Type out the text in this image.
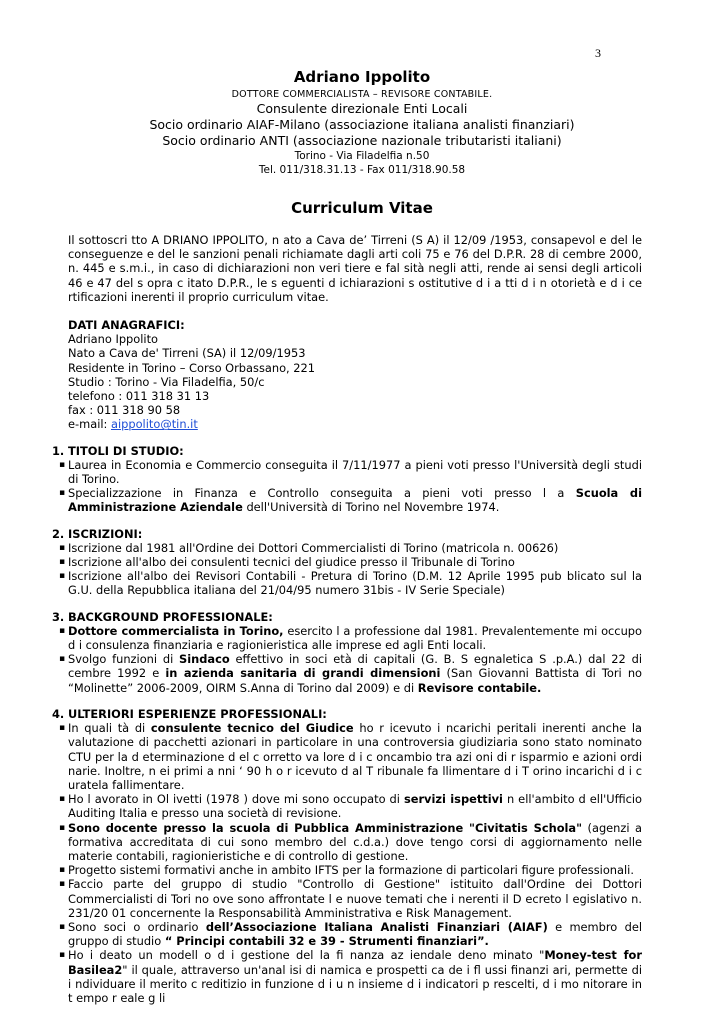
3
Adriano Ippolito
DOTTORE COMMERCIALISTA – REVISORE CONTABILE.
Consulente direzionale Enti Locali
Socio ordinario AIAF-Milano (associazione italiana analisti finanziari)
Socio ordinario ANTI (associazione nazionale tributaristi italiani)
Torino - Via Filadelfia n.50
Tel. 011/318.31.13 - Fax 011/318.90.58
Curriculum Vitae
Il sottoscri tto A DRIANO IPPOLITO, n ato a Cava de’ Tirreni (S A) il 12/09 /1953, consapevol e del le conseguenze e del le sanzioni penali richiamate dagli arti coli 75 e 76 del D.P.R. 28 di cembre 2000, n. 445 e s.m.i., in caso di dichiarazioni non veri tiere e fal sità negli atti, rende ai sensi degli articoli 46 e 47 del s opra c itato D.P.R., le s eguenti d ichiarazioni s ostitutive d i a tti d i n otorietà e d i ce rtificazioni inerenti il proprio curriculum vitae.
DATI ANAGRAFICI:
Adriano Ippolito
Nato a Cava de' Tirreni (SA) il 12/09/1953
Residente in Torino – Corso Orbassano, 221
Studio : Torino - Via Filadelfia, 50/c
telefono : 011 318 31 13
fax : 011 318 90 58
e-mail: aippolito@tin.it
1. TITOLI DI STUDIO:
▪ Laurea in Economia e Commercio conseguita il 7/11/1977 a pieni voti presso l'Università degli studi di Torino.
▪ Specializzazione in Finanza e Controllo conseguita a pieni voti presso l a Scuola di Amministrazione Aziendale dell'Università di Torino nel Novembre 1974.
2. ISCRIZIONI:
▪ Iscrizione dal 1981 all'Ordine dei Dottori Commercialisti di Torino (matricola n. 00626)
▪ Iscrizione all'albo dei consulenti tecnici del giudice presso il Tribunale di Torino
▪ Iscrizione all'albo dei Revisori Contabili - Pretura di Torino (D.M. 12 Aprile 1995 pub blicato sul la G.U. della Repubblica italiana del 21/04/95 numero 31bis - IV Serie Speciale)
3. BACKGROUND PROFESSIONALE:
▪ Dottore commercialista in Torino, esercito l a professione dal 1981. Prevalentemente mi occupo d i consulenza finanziaria e ragionieristica alle imprese ed agli Enti locali.
▪ Svolgo funzioni di Sindaco effettivo in soci età di capitali (G. B. S egnaletica S .p.A.) dal 22 di cembre 1992 e in azienda sanitaria di grandi dimensioni (San Giovanni Battista di Tori no “Molinette” 2006-2009, OIRM S.Anna di Torino dal 2009) e di Revisore contabile.
4. ULTERIORI ESPERIENZE PROFESSIONALI:
▪ In quali tà di consulente tecnico del Giudice ho r icevuto i ncarichi peritali inerenti anche la valutazione di pacchetti azionari in particolare in una controversia giudiziaria sono stato nominato CTU per la d eterminazione d el c orretto va lore d i c oncambio tra azi oni di r isparmio e azioni ordi narie. Inoltre, n ei primi a nni ‘ 90 h o r icevuto d al T ribunale fa llimentare d i T orino incarichi d i c uratela fallimentare.
▪ Ho l avorato in Ol ivetti (1978 ) dove mi sono occupato di servizi ispettivi n ell'ambito d ell'Ufficio Auditing Italia e presso una società di revisione.
▪ Sono docente presso la scuola di Pubblica Amministrazione "Civitatis Schola" (agenzi a formativa accreditata di cui sono membro del c.d.a.) dove tengo corsi di aggiornamento nelle materie contabili, ragionieristiche e di controllo di gestione.
▪ Progetto sistemi formativi anche in ambito IFTS per la formazione di particolari figure professionali.
▪ Faccio parte del gruppo di studio "Controllo di Gestione" istituito dall'Ordine dei Dottori Commercialisti di Tori no ove sono affrontate l e nuove temati che i nerenti il D ecreto l egislativo n. 231/20 01 concernente la Responsabilità Amministrativa e Risk Management.
▪ Sono soci o ordinario dell’Associazione Italiana Analisti Finanziari (AIAF) e membro del gruppo di studio “ Principi contabili 32 e 39 - Strumenti finanziari”.
▪ Ho i deato un modell o d i gestione del la fi nanza az iendale deno minato "Money-test for Basilea2" il quale, attraverso un'anal isi di namica e prospetti ca de i fl ussi finanzi ari, permette di i ndividuare il merito c reditizio in funzione d i u n insieme d i indicatori p rescelti, d i mo nitorare in t empo r eale g li
